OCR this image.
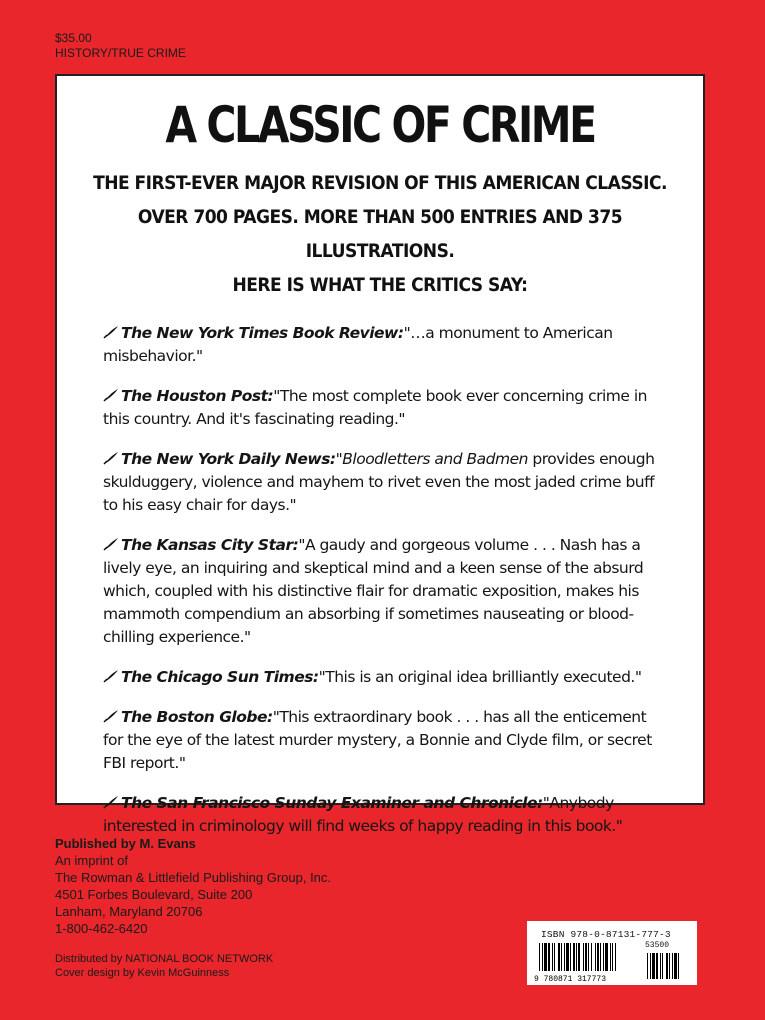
$35.00
HISTORY/TRUE CRIME
A CLASSIC OF CRIME
THE FIRST-EVER MAJOR REVISION OF THIS AMERICAN CLASSIC.
OVER 700 PAGES. MORE THAN 500 ENTRIES AND 375 ILLUSTRATIONS.
HERE IS WHAT THE CRITICS SAY:
The New York Times Book Review:"…a monument to American misbehavior."
The Houston Post:"The most complete book ever concerning crime in this country. And it's fascinating reading."
The New York Daily News:"Bloodletters and Badmen provides enough skulduggery, violence and mayhem to rivet even the most jaded crime buff to his easy chair for days."
The Kansas City Star:"A gaudy and gorgeous volume . . . Nash has a lively eye, an inquiring and skeptical mind and a keen sense of the absurd which, coupled with his distinctive flair for dramatic exposition, makes his mammoth compendium an absorbing if sometimes nauseating or blood-chilling experience."
The Chicago Sun Times:"This is an original idea brilliantly executed."
The Boston Globe:"This extraordinary book . . . has all the enticement for the eye of the latest murder mystery, a Bonnie and Clyde film, or secret FBI report."
The San Francisco Sunday Examiner and Chronicle:"Anybody interested in criminology will find weeks of happy reading in this book."
Published by M. Evans
An imprint of
The Rowman & Littlefield Publishing Group, Inc.
4501 Forbes Boulevard, Suite 200
Lanham, Maryland 20706
1-800-462-6420
Distributed by NATIONAL BOOK NETWORK
Cover design by Kevin McGuinness
ISBN 978-0-87131-777-3
53500
9 780871 317773
